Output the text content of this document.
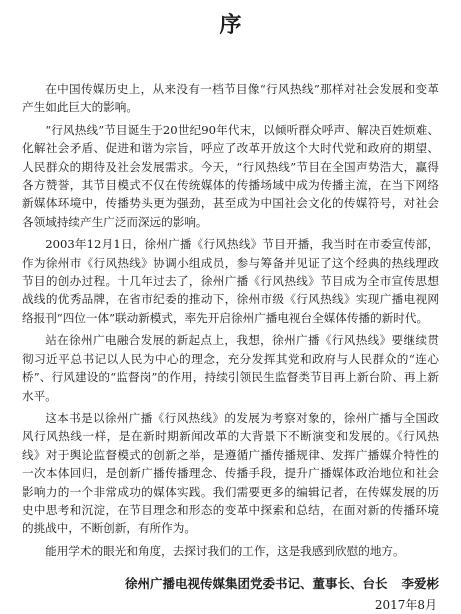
序

在中国传媒历史上，从来没有一档节目像“行风热线”那样对社会发展和变革产生如此巨大的影响。

“行风热线”节目诞生于20世纪90年代末，以倾听群众呼声、解决百姓烦难、化解社会矛盾、促进和谐为宗旨，呼应了改革开放这个大时代党和政府的期望、人民群众的期待及社会发展需求。今天，“行风热线”节目在全国声势浩大，赢得各方赞誉，其节目模式不仅在传统媒体的传播场域中成为传播主流，在当下网络新媒体环境中，传播势头更为强劲，甚至成为中国社会文化的传媒符号，对社会各领域持续产生广泛而深远的影响。

2003年12月1日，徐州广播《行风热线》节目开播，我当时在市委宣传部，作为徐州市《行风热线》协调小组成员，参与筹备并见证了这个经典的热线理政节目的创办过程。十几年过去了，徐州广播《行风热线》节目成为全市宣传思想战线的优秀品牌，在省市纪委的推动下，徐州市级《行风热线》实现广播电视网络报刊“四位一体”联动新模式，率先开启徐州广播电视台全媒体传播的新时代。

站在徐州广电融合发展的新起点上，我想，徐州广播《行风热线》要继续贯彻习近平总书记以人民为中心的理念，充分发挥其党和政府与人民群众的“连心桥”、行风建设的“监督岗”的作用，持续引领民生监督类节目再上新台阶、再上新水平。

这本书是以徐州广播《行风热线》的发展为考察对象的，徐州广播与全国政风行风热线一样，是在新时期新闻改革的大背景下不断演变和发展的。《行风热线》对于舆论监督模式的创新之举，是遵循广播传播规律、发挥广播媒介特性的一次本体回归，是创新广播传播理念、传播手段，提升广播媒体政治地位和社会影响力的一个非常成功的媒体实践。我们需要更多的编辑记者，在传媒发展的历史中思考和沉淀，在节目理念和形态的变革中探索和总结，在面对新的传播环境的挑战中，不断创新，有所作为。

能用学术的眼光和角度，去探讨我们的工作，这是我感到欣慰的地方。

徐州广播电视传媒集团党委书记、董事长、台长 李爱彬
2017年8月
